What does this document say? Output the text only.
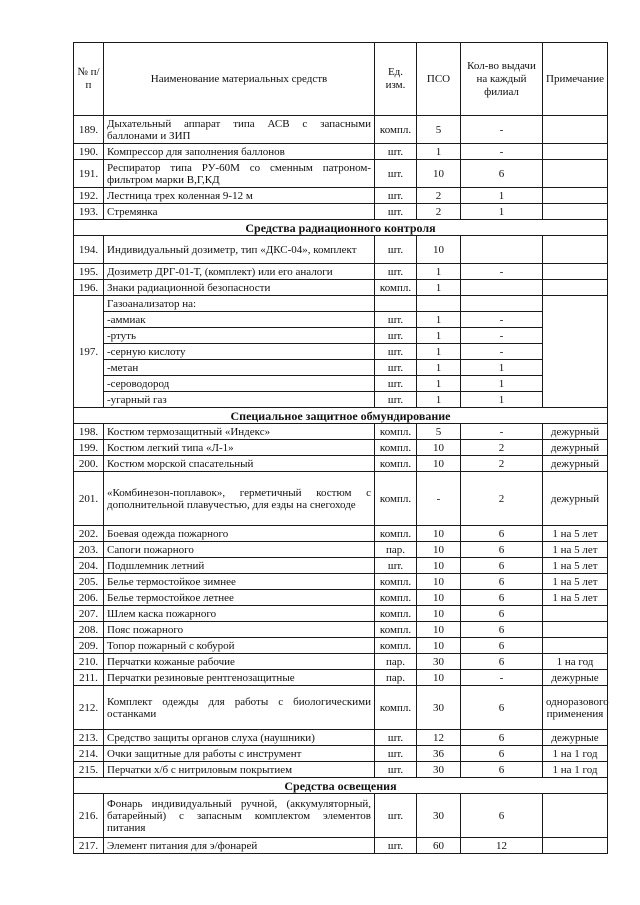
№ п/п	Наименование материальных средств	Ед. изм.	ПСО	Кол-во выдачи на каждый филиал	Примечание
189.	Дыхательный аппарат типа АСВ с запасными баллонами и ЗИП	компл.	5	-	
190.	Компрессор для заполнения баллонов	шт.	1	-	
191.	Респиратор типа РУ-60М со сменным патроном-фильтром марки В,Г,КД	шт.	10	6	
192.	Лестница трех коленная 9-12 м	шт.	2	1	
193.	Стремянка	шт.	2	1	
Средства радиационного контроля					
194.	Индивидуальный дозиметр, тип «ДКС-04», комплект	шт.	10		
195.	Дозиметр ДРГ-01-Т, (комплект) или его аналоги	шт.	1	-	
196.	Знаки радиационной безопасности	компл.	1		
197.	Газоанализатор на:				
	-аммиак	шт.	1	-	
	-ртуть	шт.	1	-	
	-серную кислоту	шт.	1	-	
	-метан	шт.	1	1	
	-сероводород	шт.	1	1	
	-угарный газ	шт.	1	1	
Специальное защитное обмундирование					
198.	Костюм термозащитный «Индекс»	компл.	5	-	дежурный
199.	Костюм легкий типа «Л-1»	компл.	10	2	дежурный
200.	Костюм морской спасательный	компл.	10	2	дежурный
201.	«Комбинезон-поплавок», герметичный костюм с дополнительной плавучестью, для езды на снегоходе	компл.	-	2	дежурный
202.	Боевая одежда пожарного	компл.	10	6	1 на 5 лет
203.	Сапоги пожарного	пар.	10	6	1 на 5 лет
204.	Подшлемник летний	шт.	10	6	1 на 5 лет
205.	Белье термостойкое зимнее	компл.	10	6	1 на 5 лет
206.	Белье термостойкое летнее	компл.	10	6	1 на 5 лет
207.	Шлем каска пожарного	компл.	10	6	
208.	Пояс пожарного	компл.	10	6	
209.	Топор пожарный с кобурой	компл.	10	6	
210.	Перчатки кожаные рабочие	пар.	30	6	1 на год
211.	Перчатки резиновые рентгенозащитные	пар.	10	-	дежурные
212.	Комплект одежды для работы с биологическими останками	компл.	30	6	одноразового применения
213.	Средство защиты органов слуха (наушники)	шт.	12	6	дежурные
214.	Очки защитные для работы с инструмент	шт.	36	6	1 на 1 год
215.	Перчатки х/б с нитриловым покрытием	шт.	30	6	1 на 1 год
Средства освещения					
216.	Фонарь индивидуальный ручной, (аккумуляторный, батарейный) с запасным комплектом элементов питания	шт.	30	6	
217.	Элемент питания для э/фонарей	шт.	60	12	
